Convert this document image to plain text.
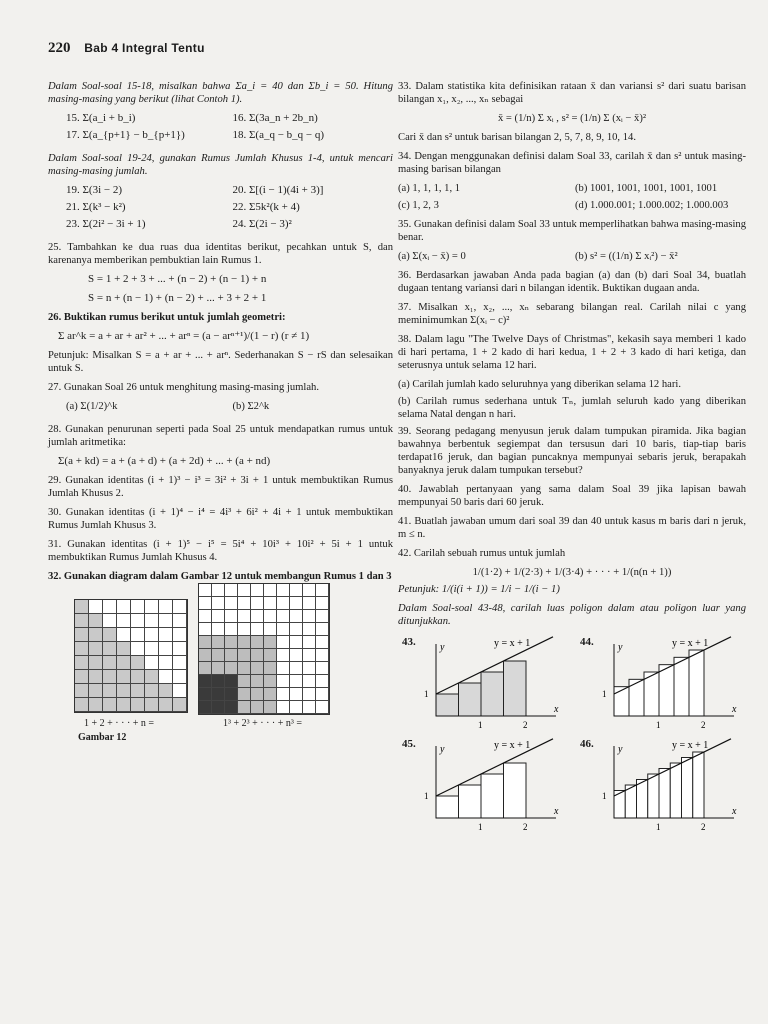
220 Bab 4 Integral Tentu

Dalam Soal-soal 15-18, misalkan bahwa Σa_i = 40 dan Σb_i = 50. Hitung masing-masing yang berikut (lihat Contoh 1).

15. Σ(a_i + b_i)	16. Σ(3a_n + 2b_n)
17. Σ(a_{p+1} − b_{p+1})	18. Σ(a_q − b_q − q)

Dalam Soal-soal 19-24, gunakan Rumus Jumlah Khusus 1-4, untuk mencari masing-masing jumlah.

19. Σ(3i − 2)	20. Σ[(i − 1)(4i + 3)]
21. Σ(k³ − k²)	22. Σ5k²(k + 4)
23. Σ(2i² − 3i + 1)	24. Σ(2i − 3)²

25. Tambahkan ke dua ruas dua identitas berikut, pecahkan untuk S, dan karenanya memberikan pembuktian lain Rumus 1.

S = 1 + 2 + 3 + ... + (n − 2) + (n − 1) + n
S = n + (n − 1) + (n − 2) + ... + 3 + 2 + 1

26. Buktikan rumus berikut untuk jumlah geometri:

Σ ar^k = a + ar + ar² + ... + arⁿ = (a − arⁿ⁺¹)/(1 − r) (r ≠ 1)

Petunjuk: Misalkan S = a + ar + ... + arⁿ. Sederhanakan S − rS dan selesaikan untuk S.

27. Gunakan Soal 26 untuk menghitung masing-masing jumlah.

(a) Σ(1/2)^k	(b) Σ2^k

28. Gunakan penurunan seperti pada Soal 25 untuk mendapatkan rumus untuk jumlah aritmetika:

Σ(a + kd) = a + (a + d) + (a + 2d) + ... + (a + nd)

29. Gunakan identitas (i + 1)³ − i³ = 3i² + 3i + 1 untuk membuktikan Rumus Jumlah Khusus 2.

30. Gunakan identitas (i + 1)⁴ − i⁴ = 4i³ + 6i² + 4i + 1 untuk membuktikan Rumus Jumlah Khusus 3.

31. Gunakan identitas (i + 1)⁵ − i⁵ = 5i⁴ + 10i³ + 10i² + 5i + 1 untuk membuktikan Rumus Jumlah Khusus 4.

32. Gunakan diagram dalam Gambar 12 untuk membangun Rumus 1 dan 3

1 + 2 + · · · + n =	1³ + 2³ + · · · + n³ =
Gambar 12

33. Dalam statistika kita definisikan rataan x̄ dan variansi s² dari suatu barisan bilangan x₁, x₂, ..., xₙ sebagai

x̄ = (1/n) Σ xᵢ , s² = (1/n) Σ (xᵢ − x̄)²

Cari x̄ dan s² untuk barisan bilangan 2, 5, 7, 8, 9, 10, 14.

34. Dengan menggunakan definisi dalam Soal 33, carilah x̄ dan s² untuk masing-masing barisan bilangan

(a) 1, 1, 1, 1, 1	(b) 1001, 1001, 1001, 1001, 1001
(c) 1, 2, 3	(d) 1.000.001; 1.000.002; 1.000.003

35. Gunakan definisi dalam Soal 33 untuk memperlihatkan bahwa masing-masing benar.

(a) Σ(xᵢ − x̄) = 0	(b) s² = ((1/n) Σ xᵢ²) − x̄²

36. Berdasarkan jawaban Anda pada bagian (a) dan (b) dari Soal 34, buatlah dugaan tentang variansi dari n bilangan identik. Buktikan dugaan anda.

37. Misalkan x₁, x₂, ..., xₙ sebarang bilangan real. Carilah nilai c yang meminimumkan Σ(xᵢ − c)²

38. Dalam lagu "The Twelve Days of Christmas", kekasih saya memberi 1 kado di hari pertama, 1 + 2 kado di hari kedua, 1 + 2 + 3 kado di hari ketiga, dan seterusnya untuk selama 12 hari.

(a) Carilah jumlah kado seluruhnya yang diberikan selama 12 hari.

(b) Carilah rumus sederhana untuk Tₙ, jumlah seluruh kado yang diberikan selama Natal dengan n hari.

39. Seorang pedagang menyusun jeruk dalam tumpukan piramida. Jika bagian bawahnya berbentuk segiempat dan tersusun dari 10 baris, tiap-tiap baris terdapat16 jeruk, dan bagian puncaknya mempunyai sebaris jeruk, berapakah banyaknya jeruk dalam tumpukan tersebut?

40. Jawablah pertanyaan yang sama dalam Soal 39 jika lapisan bawah mempunyai 50 baris dari 60 jeruk.

41. Buatlah jawaban umum dari soal 39 dan 40 untuk kasus m baris dari n jeruk, m ≤ n.

42. Carilah sebuah rumus untuk jumlah

1/(1·2) + 1/(2·3) + 1/(3·4) + · · · + 1/(n(n + 1))

Petunjuk: 1/(i(i + 1)) = 1/i − 1/(i − 1)

Dalam Soal-soal 43-48, carilah luas poligon dalam atau poligon luar yang ditunjukkan.

43.
1	2
1
x
y	y = x + 1	44.
1	2
1
x
y	y = x + 1
45.
1	2
1
x
y	y = x + 1	46.
1	2
1
x
y	y = x + 1
